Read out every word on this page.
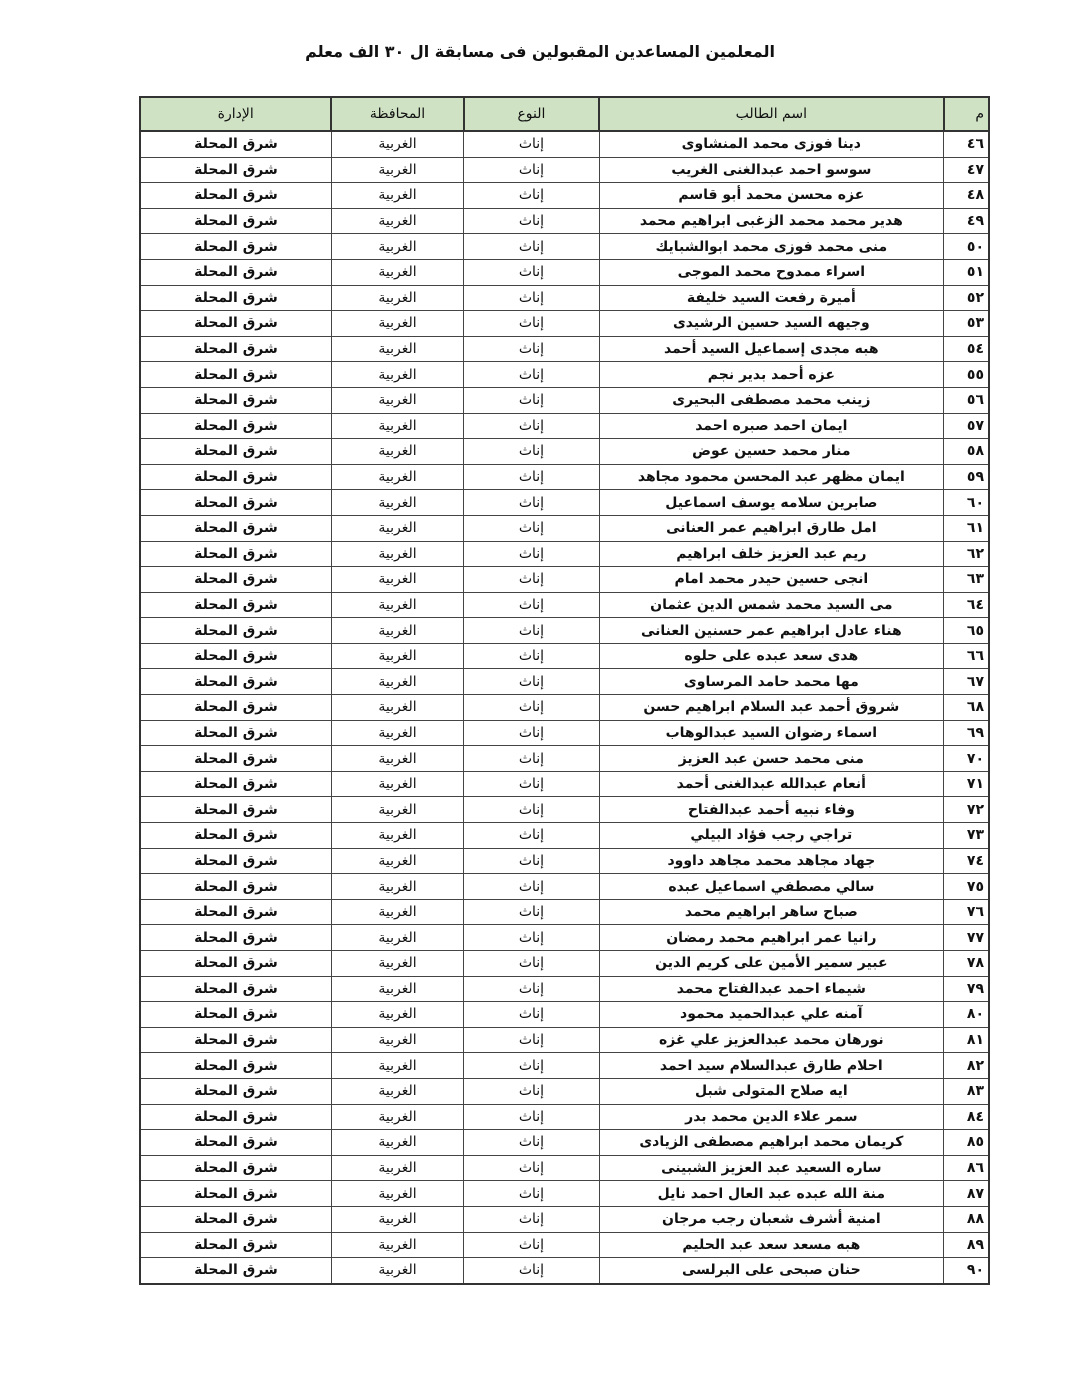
المعلمين المساعدين المقبولين فى مسابقة ال ٣٠ الف معلم
م	اسم الطالب	النوع	المحافظة	الإدارة
٤٦	دينا فوزى محمد المنشاوى	إناث	الغربية	شرق المحلة
٤٧	سوسو احمد عبدالغنى الغريب	إناث	الغربية	شرق المحلة
٤٨	عزه محسن محمد أبو قاسم	إناث	الغربية	شرق المحلة
٤٩	هدير محمد محمد الزغبى ابراهيم محمد	إناث	الغربية	شرق المحلة
٥٠	منى محمد فوزى محمد ابوالشبايك	إناث	الغربية	شرق المحلة
٥١	اسراء ممدوح محمد الموجى	إناث	الغربية	شرق المحلة
٥٢	أميرة رفعت السيد خليفة	إناث	الغربية	شرق المحلة
٥٣	وجيهه السيد حسين الرشيدى	إناث	الغربية	شرق المحلة
٥٤	هبه مجدى إسماعيل السيد أحمد	إناث	الغربية	شرق المحلة
٥٥	عزه أحمد بدير نجم	إناث	الغربية	شرق المحلة
٥٦	زينب محمد مصطفى البحيرى	إناث	الغربية	شرق المحلة
٥٧	ايمان احمد صبره احمد	إناث	الغربية	شرق المحلة
٥٨	منار محمد حسين عوض	إناث	الغربية	شرق المحلة
٥٩	ايمان مظهر عبد المحسن محمود مجاهد	إناث	الغربية	شرق المحلة
٦٠	صابرين سلامه يوسف اسماعيل	إناث	الغربية	شرق المحلة
٦١	امل طارق ابراهيم عمر العنانى	إناث	الغربية	شرق المحلة
٦٢	ريم عبد العزيز خلف ابراهيم	إناث	الغربية	شرق المحلة
٦٣	انجى حسين حيدر محمد امام	إناث	الغربية	شرق المحلة
٦٤	مى السيد محمد شمس الدين عثمان	إناث	الغربية	شرق المحلة
٦٥	هناء عادل ابراهيم عمر حسنين العنانى	إناث	الغربية	شرق المحلة
٦٦	هدى سعد عبده على حلوه	إناث	الغربية	شرق المحلة
٦٧	مها محمد حامد المرساوى	إناث	الغربية	شرق المحلة
٦٨	شروق أحمد عبد السلام ابراهيم حسن	إناث	الغربية	شرق المحلة
٦٩	اسماء رضوان السيد عبدالوهاب	إناث	الغربية	شرق المحلة
٧٠	منى محمد حسن عبد العزيز	إناث	الغربية	شرق المحلة
٧١	أنعام عبدالله عبدالغنى أحمد	إناث	الغربية	شرق المحلة
٧٢	وفاء نبيه أحمد عبدالفتاح	إناث	الغربية	شرق المحلة
٧٣	تراجي رجب فؤاد البيلي	إناث	الغربية	شرق المحلة
٧٤	جهاد مجاهد محمد مجاهد داوود	إناث	الغربية	شرق المحلة
٧٥	سالي مصطفي اسماعيل عبده	إناث	الغربية	شرق المحلة
٧٦	صباح ساهر ابراهيم محمد	إناث	الغربية	شرق المحلة
٧٧	رانيا عمر ابراهيم محمد رمضان	إناث	الغربية	شرق المحلة
٧٨	عبير سمير الأمين على كريم الدين	إناث	الغربية	شرق المحلة
٧٩	شيماء احمد عبدالفتاح محمد	إناث	الغربية	شرق المحلة
٨٠	آمنه علي عبدالحميد محمود	إناث	الغربية	شرق المحلة
٨١	نورهان محمد عبدالعزيز علي غزه	إناث	الغربية	شرق المحلة
٨٢	احلام طارق عبدالسلام سيد احمد	إناث	الغربية	شرق المحلة
٨٣	ايه صلاح المتولى شبل	إناث	الغربية	شرق المحلة
٨٤	سمر علاء الدين محمد بدر	إناث	الغربية	شرق المحلة
٨٥	كريمان محمد ابراهيم مصطفى الزيادى	إناث	الغربية	شرق المحلة
٨٦	ساره السعيد عبد العزيز الشبينى	إناث	الغربية	شرق المحلة
٨٧	منة الله عبده عبد العال احمد نايل	إناث	الغربية	شرق المحلة
٨٨	امنية أشرف شعبان رجب مرجان	إناث	الغربية	شرق المحلة
٨٩	هبه مسعد سعد عبد الحليم	إناث	الغربية	شرق المحلة
٩٠	حنان صبحى على البرلسى	إناث	الغربية	شرق المحلة
